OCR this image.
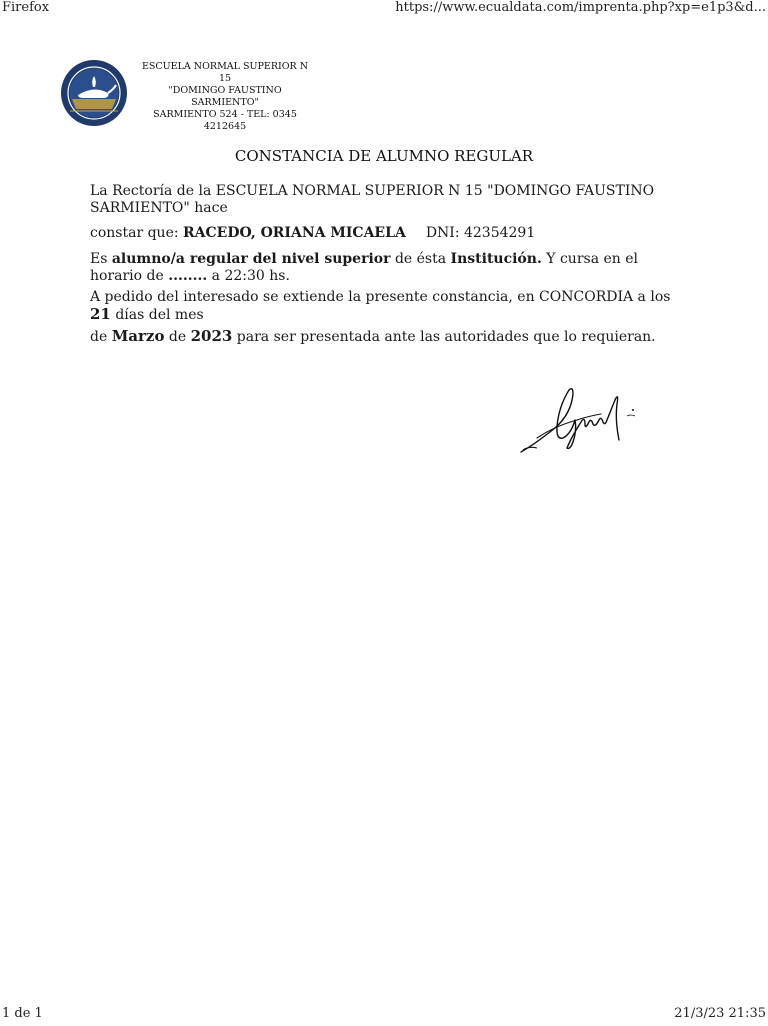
Firefox	https://www.ecualdata.com/imprenta.php?xp=e1p3&d...
ESCUELA NORMAL SUPERIOR N
15
"DOMINGO FAUSTINO
SARMIENTO"
SARMIENTO 524 - TEL: 0345
4212645
CONSTANCIA DE ALUMNO REGULAR
La Rectoría de la ESCUELA NORMAL SUPERIOR N 15 "DOMINGO FAUSTINO SARMIENTO" hace
constar que: RACEDO, ORIANA MICAELA DNI: 42354291
Es alumno/a regular del nivel superior de ésta Institución. Y cursa en el horario de ........ a 22:30 hs.
A pedido del interesado se extiende la presente constancia, en CONCORDIA a los 21 días del mes
de Marzo de 2023 para ser presentada ante las autoridades que lo requieran.
1 de 1	21/3/23 21:35
